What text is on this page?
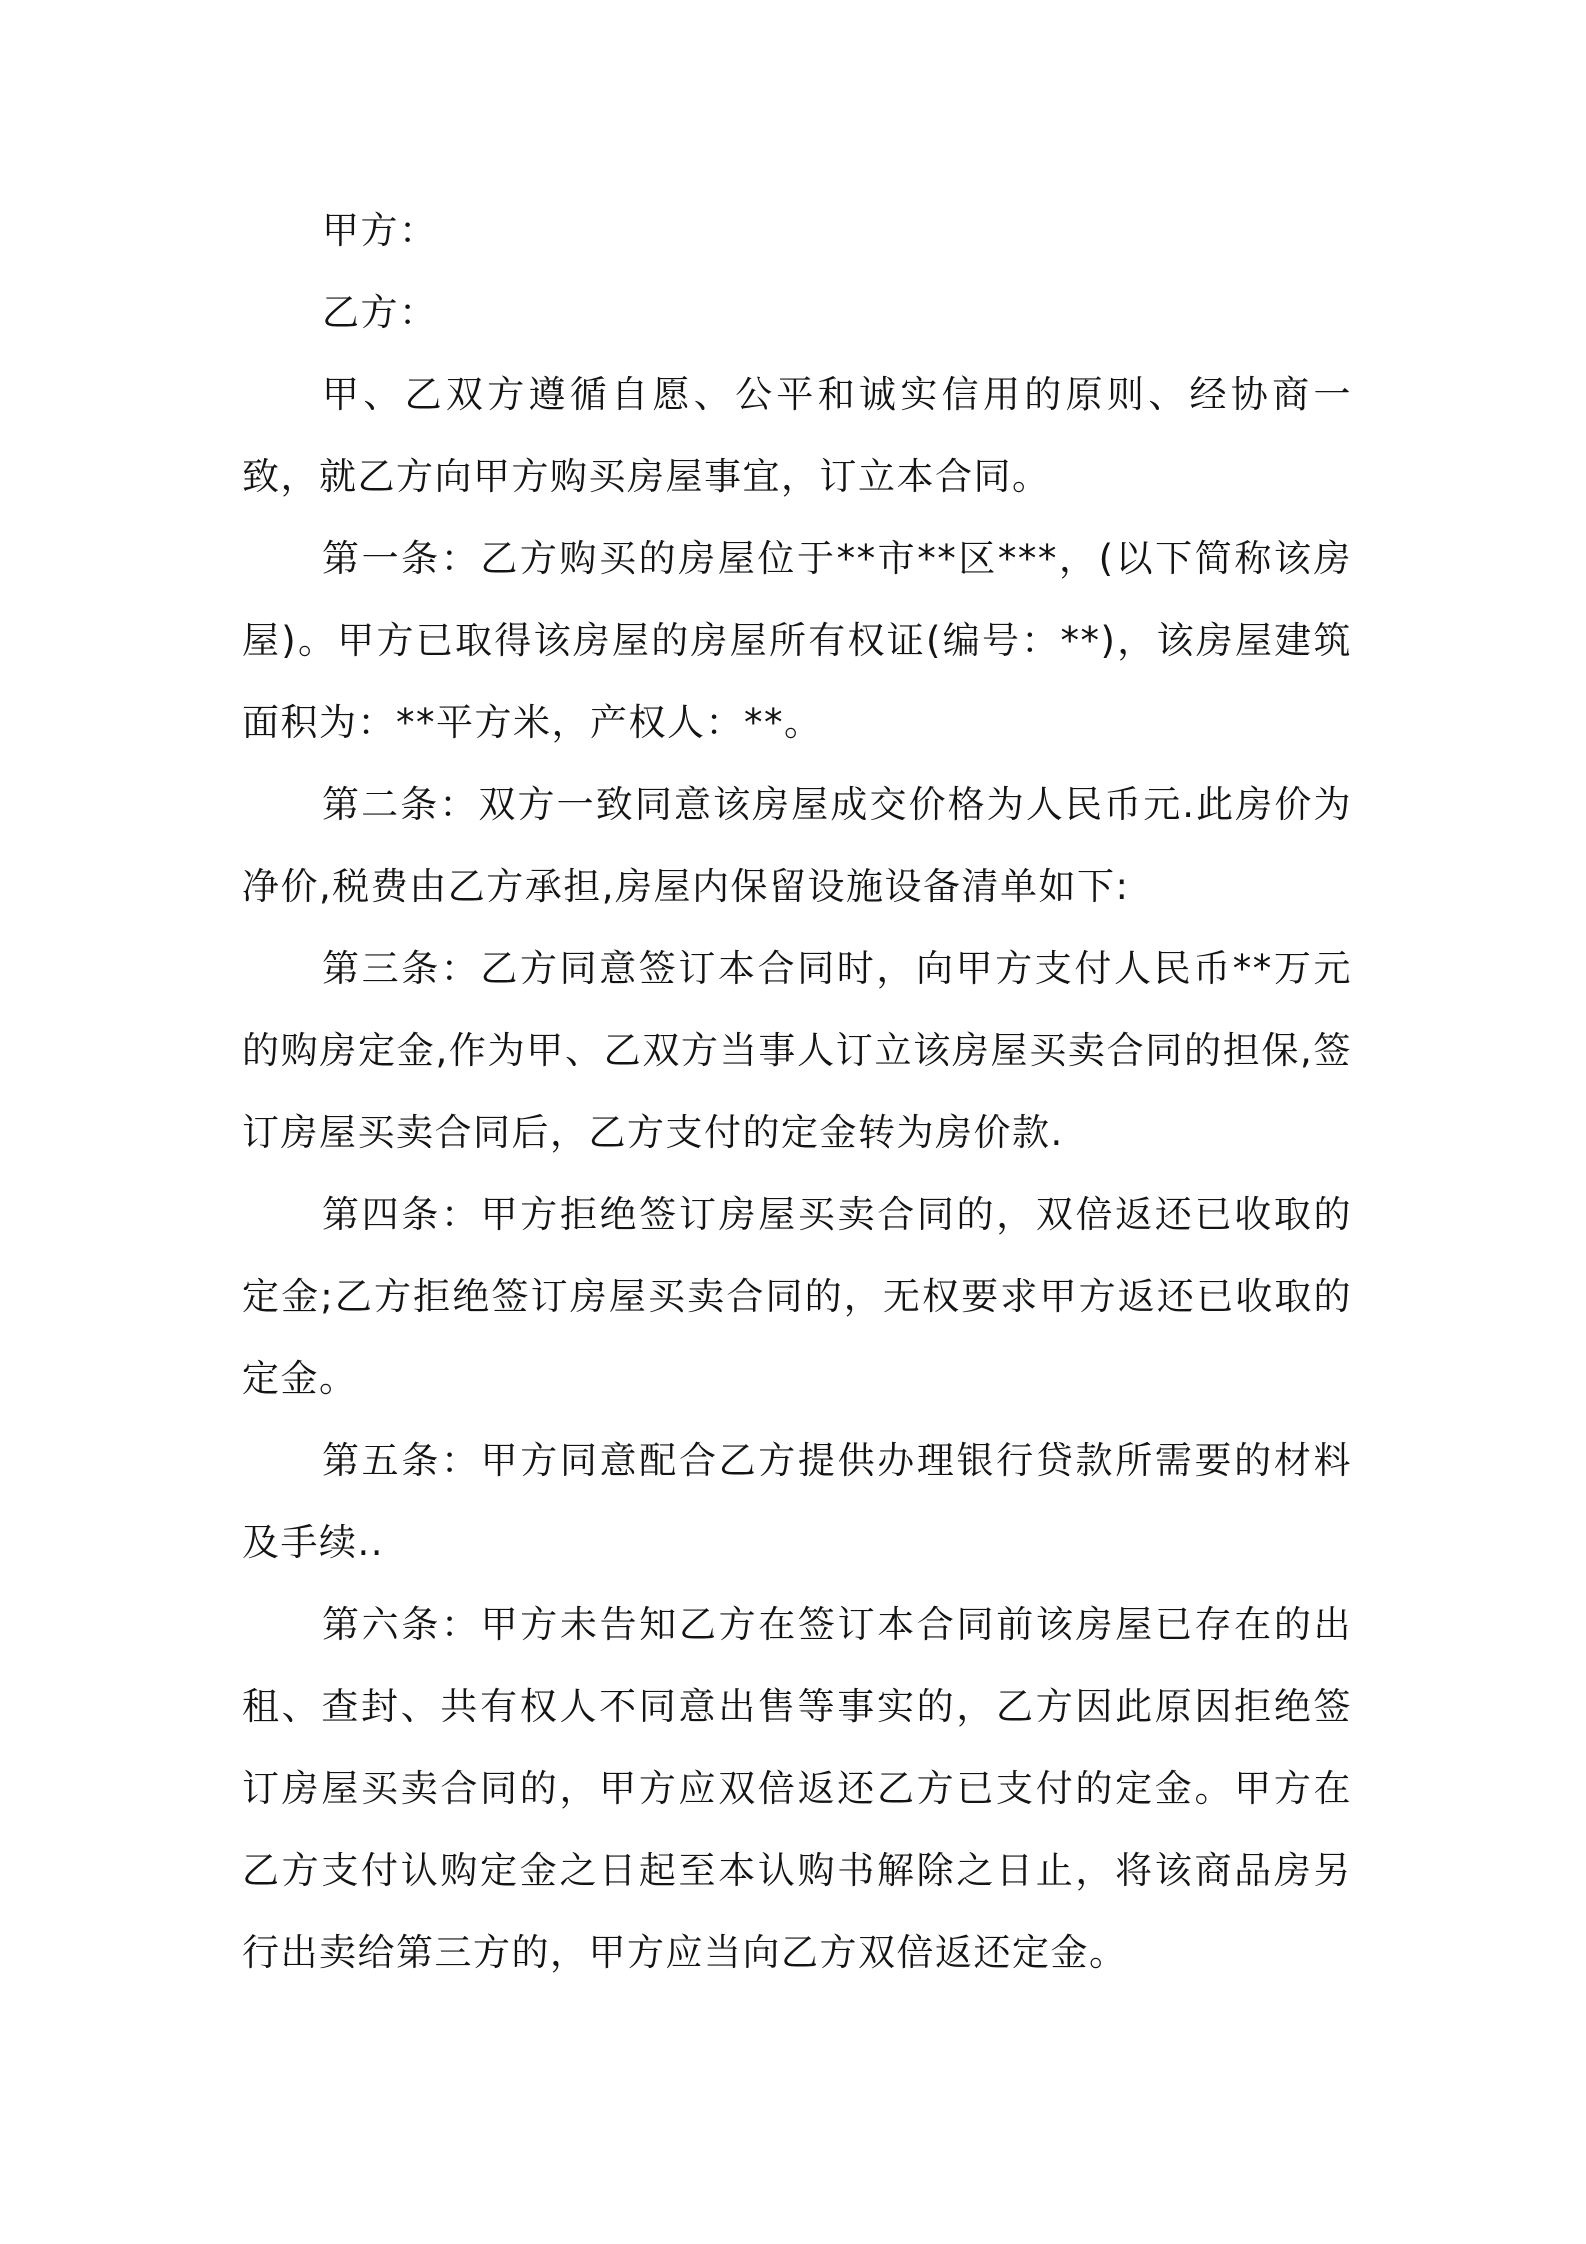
甲方：

乙方：

甲、乙双方遵循自愿、公平和诚实信用的原则、经协商一致，就乙方向甲方购买房屋事宜，订立本合同。

第一条：乙方购买的房屋位于**市**区***，(以下简称该房屋)。甲方已取得该房屋的房屋所有权证(编号：**)，该房屋建筑面积为：**平方米，产权人：**。

第二条：双方一致同意该房屋成交价格为人民币元.此房价为净价,税费由乙方承担,房屋内保留设施设备清单如下:

第三条：乙方同意签订本合同时，向甲方支付人民币**万元的购房定金,作为甲、乙双方当事人订立该房屋买卖合同的担保,签订房屋买卖合同后，乙方支付的定金转为房价款.

第四条：甲方拒绝签订房屋买卖合同的，双倍返还已收取的定金;乙方拒绝签订房屋买卖合同的，无权要求甲方返还已收取的定金。

第五条：甲方同意配合乙方提供办理银行贷款所需要的材料及手续..

第六条：甲方未告知乙方在签订本合同前该房屋已存在的出租、查封、共有权人不同意出售等事实的，乙方因此原因拒绝签订房屋买卖合同的，甲方应双倍返还乙方已支付的定金。甲方在乙方支付认购定金之日起至本认购书解除之日止，将该商品房另行出卖给第三方的，甲方应当向乙方双倍返还定金。
